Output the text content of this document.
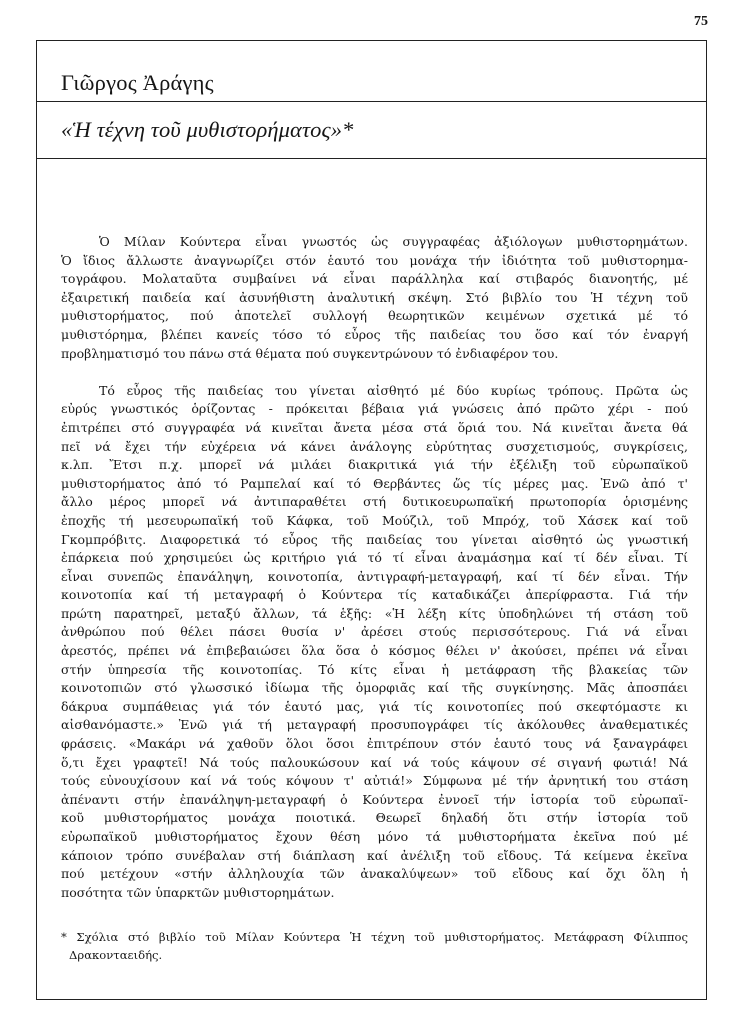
75
Γιῶργος Ἀράγης
«Ἡ τέχνη τοῦ μυθιστορήματος»*

Ὁ Μίλαν Κούντερα εἶναι γνωστός ὡς συγγραφέας ἀξιόλογων μυθιστορημάτων.
Ὁ ἴδιος ἄλλωστε ἀναγνωρίζει στόν ἑαυτό του μονάχα τήν ἰδιότητα τοῦ μυθιστορημα-
τογράφου. Μολαταῦτα συμβαίνει νά εἶναι παράλληλα καί στιβαρός διανοητής, μέ
ἐξαιρετική παιδεία καί ἀσυνήθιστη ἀναλυτική σκέψη. Στό βιβλίο του Ἡ τέχνη τοῦ
μυθιστορήματος, πού ἀποτελεῖ συλλογή θεωρητικῶν κειμένων σχετικά μέ τό
μυθιστόρημα, βλέπει κανείς τόσο τό εὖρος τῆς παιδείας του ὅσο καί τόν ἐναργή
προβληματισμό του πάνω στά θέματα πού συγκεντρώνουν τό ἐνδιαφέρον του.

Τό εὖρος τῆς παιδείας του γίνεται αἰσθητό μέ δύο κυρίως τρόπους. Πρῶτα ὡς
εὐρύς γνωστικός ὁρίζοντας - πρόκειται βέβαια γιά γνώσεις ἀπό πρῶτο χέρι - πού
ἐπιτρέπει στό συγγραφέα νά κινεῖται ἄνετα μέσα στά ὅριά του. Νά κινεῖται ἄνετα θά
πεῖ νά ἔχει τήν εὐχέρεια νά κάνει ἀνάλογης εὐρύτητας συσχετισμούς, συγκρίσεις,
κ.λπ. Ἔτσι π.χ. μπορεῖ νά μιλάει διακριτικά γιά τήν ἐξέλιξη τοῦ εὐρωπαϊκοῦ
μυθιστορήματος ἀπό τό Ραμπελαί καί τό Θερβάντες ὥς τίς μέρες μας. Ἐνῶ ἀπό τ'
ἄλλο μέρος μπορεῖ νά ἀντιπαραθέτει στή δυτικοευρωπαϊκή πρωτοπορία ὁρισμένης
ἐποχῆς τή μεσευρωπαϊκή τοῦ Κάφκα, τοῦ Μούζιλ, τοῦ Μπρόχ, τοῦ Χάσεκ καί τοῦ
Γκομπρόβιτς. Διαφορετικά τό εὖρος τῆς παιδείας του γίνεται αἰσθητό ὡς γνωστική
ἐπάρκεια πού χρησιμεύει ὡς κριτήριο γιά τό τί εἶναι ἀναμάσημα καί τί δέν εἶναι. Τί
εἶναι συνεπῶς ἐπανάληψη, κοινοτοπία, ἀντιγραφή-μεταγραφή, καί τί δέν εἶναι. Τήν
κοινοτοπία καί τή μεταγραφή ὁ Κούντερα τίς καταδικάζει ἀπερίφραστα. Γιά τήν
πρώτη παρατηρεῖ, μεταξύ ἄλλων, τά ἑξῆς: «Ἡ λέξη κίτς ὑποδηλώνει τή στάση τοῦ
ἀνθρώπου πού θέλει πάσει θυσία ν' ἀρέσει στούς περισσότερους. Γιά νά εἶναι
ἀρεστός, πρέπει νά ἐπιβεβαιώσει ὅλα ὅσα ὁ κόσμος θέλει ν' ἀκούσει, πρέπει νά εἶναι
στήν ὑπηρεσία τῆς κοινοτοπίας. Τό κίτς εἶναι ἡ μετάφραση τῆς βλακείας τῶν
κοινοτοπιῶν στό γλωσσικό ἰδίωμα τῆς ὀμορφιᾶς καί τῆς συγκίνησης. Μᾶς ἀποσπάει
δάκρυα συμπάθειας γιά τόν ἑαυτό μας, γιά τίς κοινοτοπίες πού σκεφτόμαστε κι
αἰσθανόμαστε.» Ἐνῶ γιά τή μεταγραφή προσυπογράφει τίς ἀκόλουθες ἀναθεματικές
φράσεις. «Μακάρι νά χαθοῦν ὅλοι ὅσοι ἐπιτρέπουν στόν ἑαυτό τους νά ξαναγράφει
ὅ,τι ἔχει γραφτεῖ! Νά τούς παλουκώσουν καί νά τούς κάψουν σέ σιγανή φωτιά! Νά
τούς εὐνουχίσουν καί νά τούς κόψουν τ' αὐτιά!» Σύμφωνα μέ τήν ἀρνητική του στάση
ἀπέναντι στήν ἐπανάληψη-μεταγραφή ὁ Κούντερα ἐννοεῖ τήν ἱστορία τοῦ εὐρωπαϊ-
κοῦ μυθιστορήματος μονάχα ποιοτικά. Θεωρεῖ δηλαδή ὅτι στήν ἱστορία τοῦ
εὐρωπαϊκοῦ μυθιστορήματος ἔχουν θέση μόνο τά μυθιστορήματα ἐκεῖνα πού μέ
κάποιον τρόπο συνέβαλαν στή διάπλαση καί ἀνέλιξη τοῦ εἴδους. Τά κείμενα ἐκεῖνα
πού μετέχουν «στήν ἀλληλουχία τῶν ἀνακαλύψεων» τοῦ εἴδους καί ὄχι ὅλη ἡ
ποσότητα τῶν ὑπαρκτῶν μυθιστορημάτων.

* Σχόλια στό βιβλίο τοῦ Μίλαν Κούντερα Ἡ τέχνη τοῦ μυθιστορήματος. Μετάφραση Φίλιππος
Δρακονταειδής.
